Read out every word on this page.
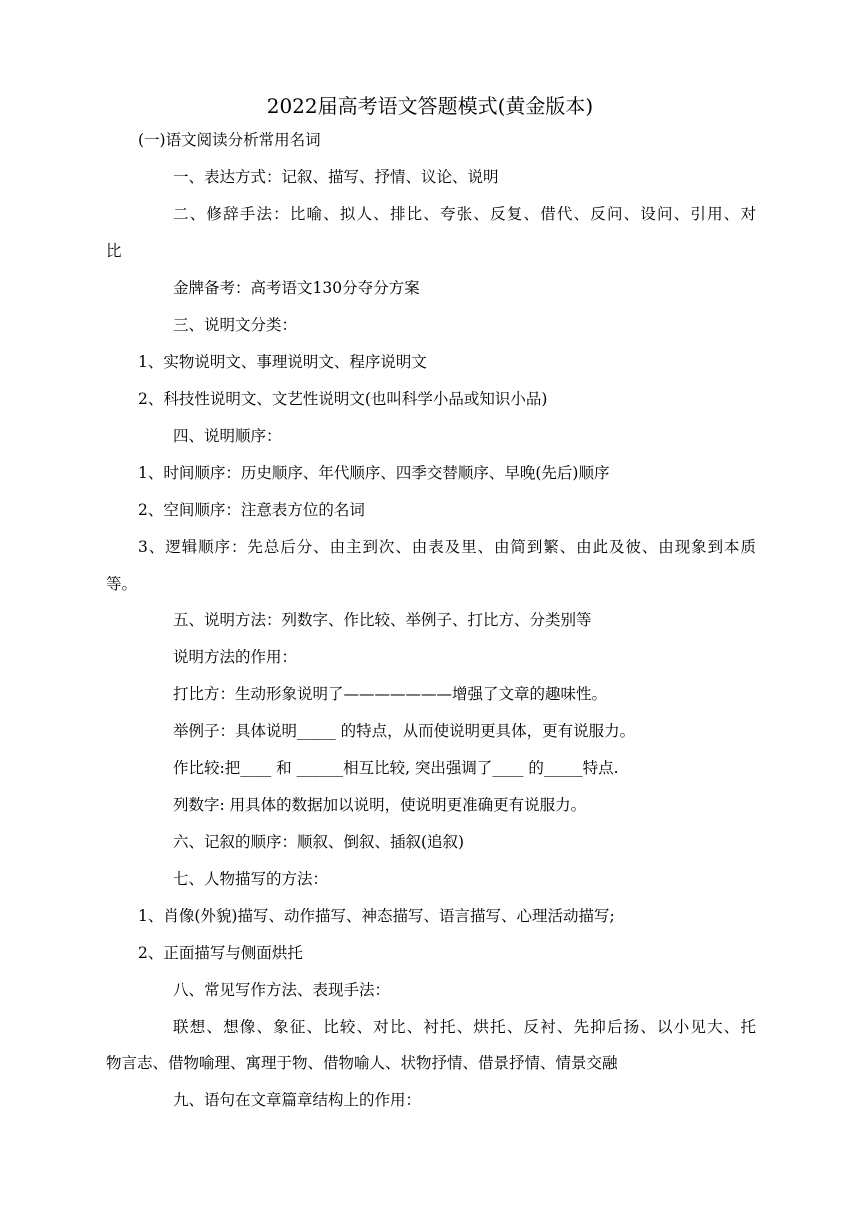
2022届高考语文答题模式(黄金版本)
(一)语文阅读分析常用名词
一、表达方式：记叙、描写、抒情、议论、说明
二、修辞手法：比喻、拟人、排比、夸张、反复、借代、反问、设问、引用、对
比
金牌备考：高考语文130分夺分方案
三、说明文分类：
1、实物说明文、事理说明文、程序说明文
2、科技性说明文、文艺性说明文(也叫科学小品或知识小品)
四、说明顺序：
1、时间顺序：历史顺序、年代顺序、四季交替顺序、早晚(先后)顺序
2、空间顺序：注意表方位的名词
3、逻辑顺序：先总后分、由主到次、由表及里、由简到繁、由此及彼、由现象到本质
等。
五、说明方法：列数字、作比较、举例子、打比方、分类别等
说明方法的作用：
打比方：生动形象说明了———————增强了文章的趣味性。
举例子：具体说明_____ 的特点，从而使说明更具体，更有说服力。
作比较:把____ 和 ______相互比较, 突出强调了____ 的_____特点.
列数字: 用具体的数据加以说明，使说明更准确更有说服力。
六、记叙的顺序：顺叙、倒叙、插叙(追叙)
七、人物描写的方法：
1、肖像(外貌)描写、动作描写、神态描写、语言描写、心理活动描写;
2、正面描写与侧面烘托
八、常见写作方法、表现手法：
联想、想像、象征、比较、对比、衬托、烘托、反衬、先抑后扬、以小见大、托
物言志、借物喻理、寓理于物、借物喻人、状物抒情、借景抒情、情景交融
九、语句在文章篇章结构上的作用：
